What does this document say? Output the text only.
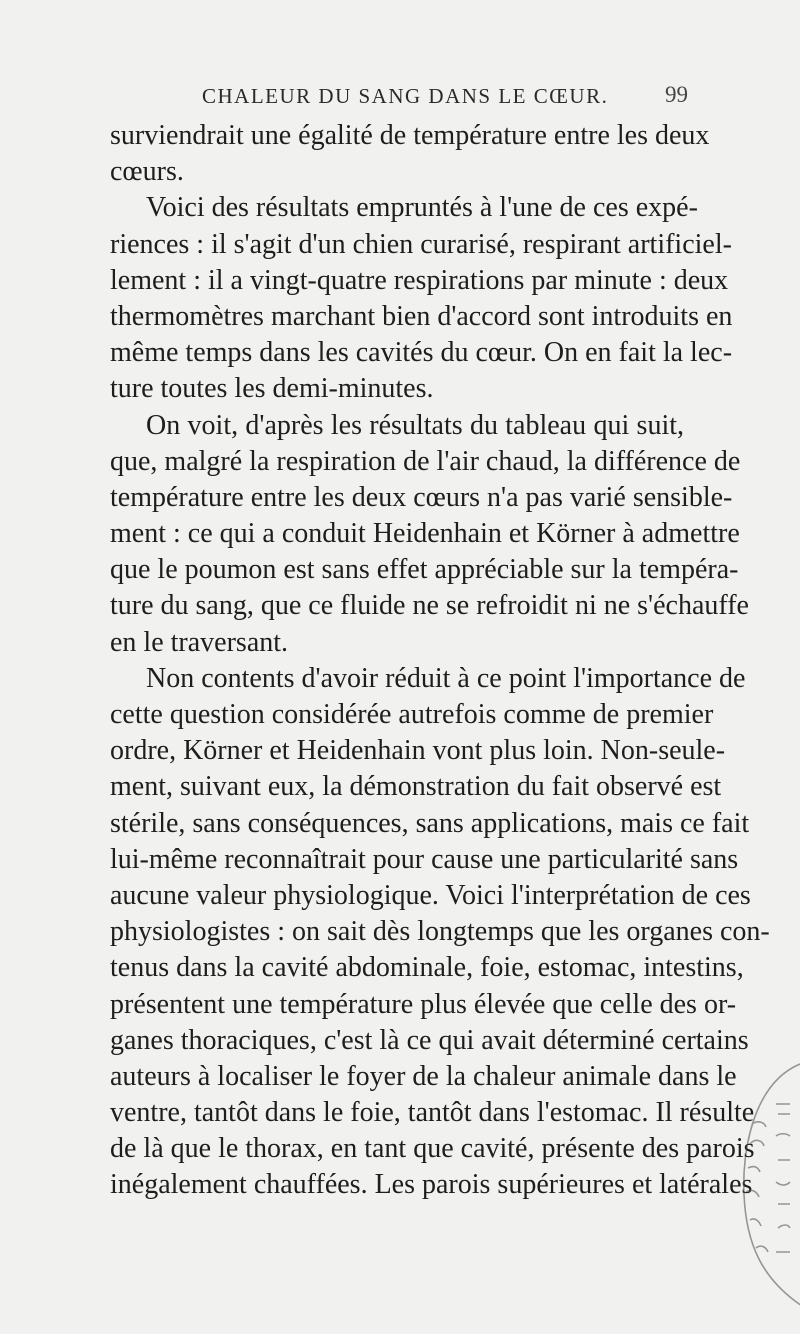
CHALEUR DU SANG DANS LE CŒUR. 99
surviendrait une égalité de température entre les deux
cœurs.
Voici des résultats empruntés à l'une de ces expé-
riences : il s'agit d'un chien curarisé, respirant artificiel-
lement : il a vingt-quatre respirations par minute : deux
thermomètres marchant bien d'accord sont introduits en
même temps dans les cavités du cœur. On en fait la lec-
ture toutes les demi-minutes.
On voit, d'après les résultats du tableau qui suit,
que, malgré la respiration de l'air chaud, la différence de
température entre les deux cœurs n'a pas varié sensible-
ment : ce qui a conduit Heidenhain et Körner à admettre
que le poumon est sans effet appréciable sur la tempéra-
ture du sang, que ce fluide ne se refroidit ni ne s'échauffe
en le traversant.
Non contents d'avoir réduit à ce point l'importance de
cette question considérée autrefois comme de premier
ordre, Körner et Heidenhain vont plus loin. Non-seule-
ment, suivant eux, la démonstration du fait observé est
stérile, sans conséquences, sans applications, mais ce fait
lui-même reconnaîtrait pour cause une particularité sans
aucune valeur physiologique. Voici l'interprétation de ces
physiologistes : on sait dès longtemps que les organes con-
tenus dans la cavité abdominale, foie, estomac, intestins,
présentent une température plus élevée que celle des or-
ganes thoraciques, c'est là ce qui avait déterminé certains
auteurs à localiser le foyer de la chaleur animale dans le
ventre, tantôt dans le foie, tantôt dans l'estomac. Il résulte
de là que le thorax, en tant que cavité, présente des parois
inégalement chauffées. Les parois supérieures et latérales
